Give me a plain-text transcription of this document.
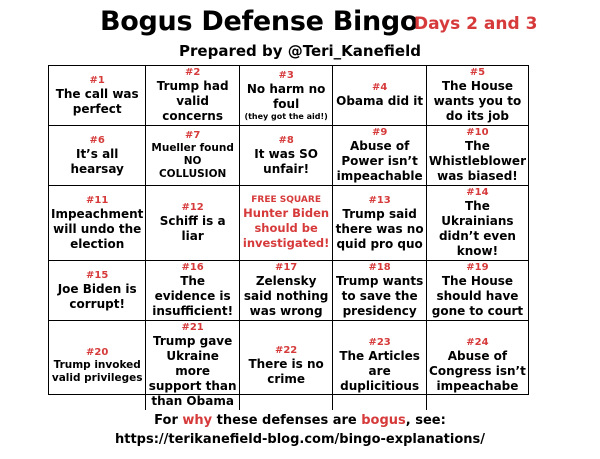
Bogus Defense Bingo
Days 2 and 3
Prepared by @Teri_Kanefield
#1
The call was perfect
#2
Trump had valid concerns
#3
No harm no foul
(they got the aid!)
#4
Obama did it
#5
The House wants you to do its job
#6
It’s all hearsay
#7
Mueller found NO COLLUSION
#8
It was SO unfair!
#9
Abuse of Power isn’t impeachable
#10
The Whistleblower was biased!
#11
Impeachment will undo the election
#12
Schiff is a liar
FREE SQUARE
Hunter Biden should be investigated!
#13
Trump said there was no quid pro quo
#14
The Ukrainians didn’t even know!
#15
Joe Biden is corrupt!
#16
The evidence is insufficient!
#17
Zelensky said nothing was wrong
#18
Trump wants to save the presidency
#19
The House should have gone to court
#20
Trump invoked valid privileges
#21
Trump gave Ukraine more support than than Obama
#22
There is no crime
#23
The Articles are duplicitious
#24
Abuse of Congress isn’t impeachabe
For why these defenses are bogus, see:
https://terikanefield-blog.com/bingo-explanations/
